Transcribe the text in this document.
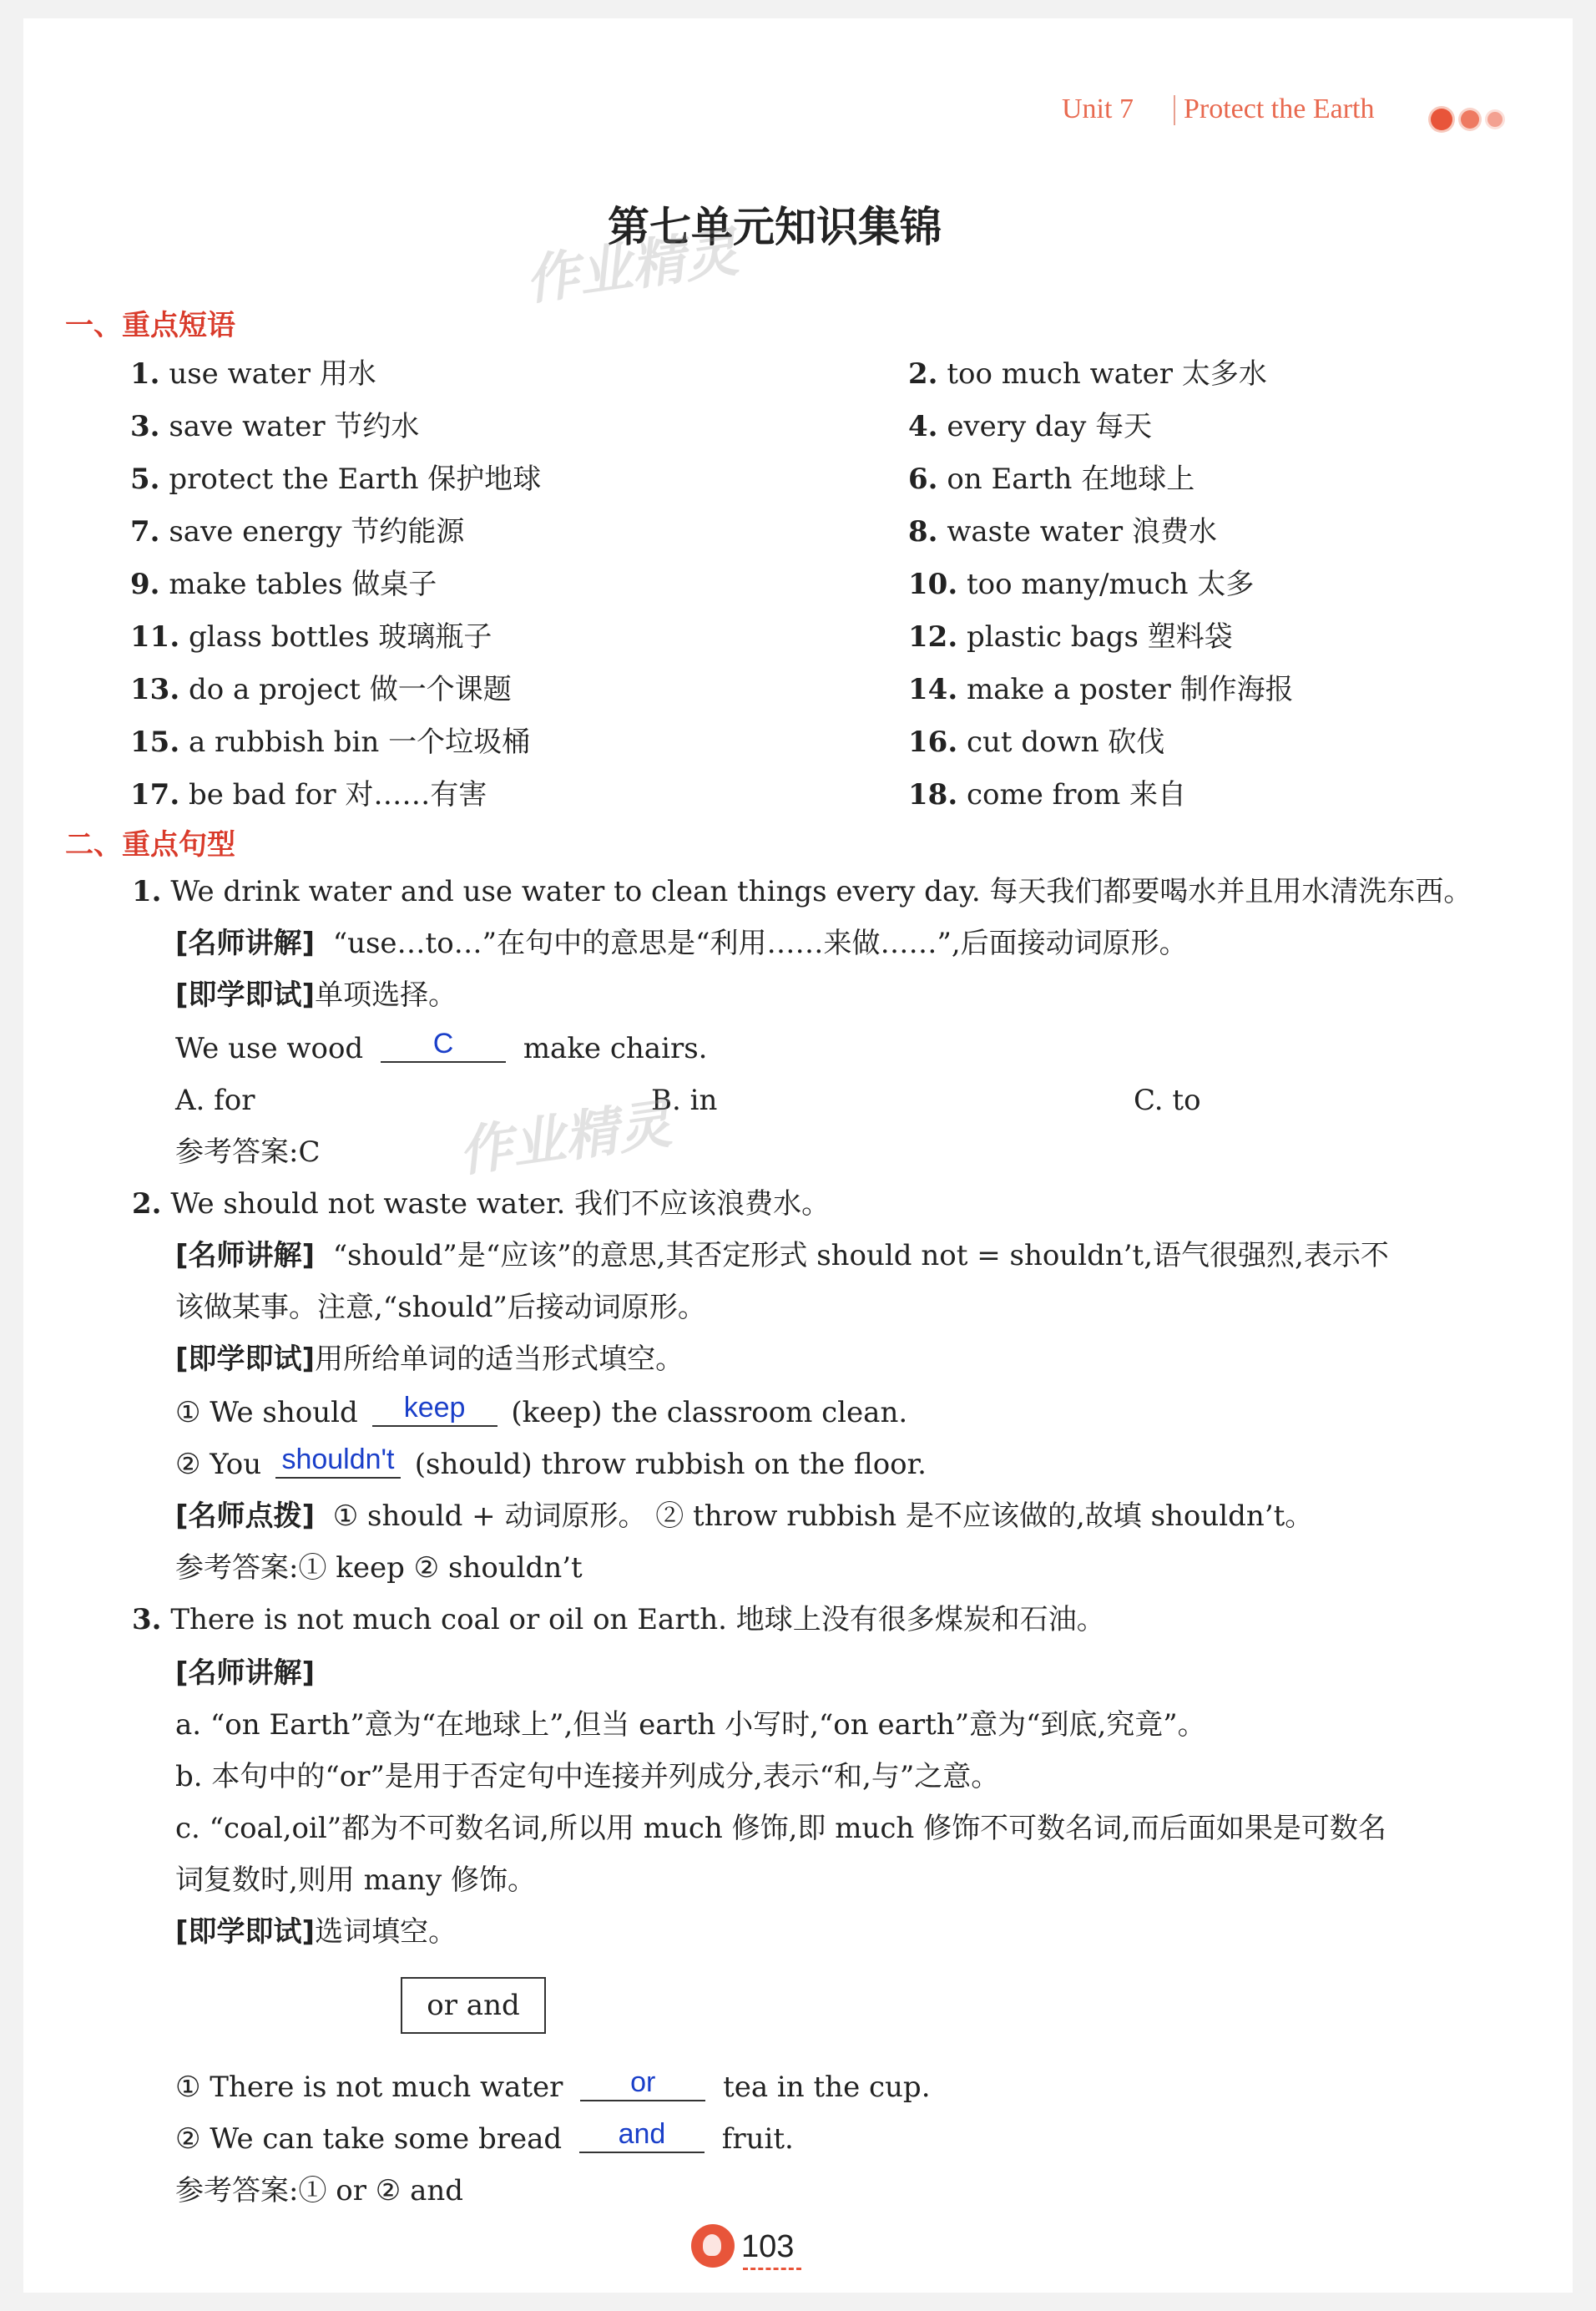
Unit 7 Protect the Earth
第七单元知识集锦
作业精灵
一、重点短语
1. use water 用水	2. too much water 太多水
3. save water 节约水	4. every day 每天
5. protect the Earth 保护地球	6. on Earth 在地球上
7. save energy 节约能源	8. waste water 浪费水
9. make tables 做桌子	10. too many/much 太多
11. glass bottles 玻璃瓶子	12. plastic bags 塑料袋
13. do a project 做一个课题	14. make a poster 制作海报
15. a rubbish bin 一个垃圾桶	16. cut down 砍伐
17. be bad for 对……有害	18. come from 来自
二、重点句型
1. We drink water and use water to clean things every day. 每天我们都要喝水并且用水清洗东西。
[名师讲解] “use…to…”在句中的意思是“利用……来做……”,后面接动词原形。
[即学即试]单项选择。
We use wood	C	make chairs.
A. for	B. in	C. to
作业精灵
参考答案:C
2. We should not waste water. 我们不应该浪费水。
[名师讲解] “should”是“应该”的意思,其否定形式 should not = shouldn’t,语气很强烈,表示不
该做某事。注意,“should”后接动词原形。
[即学即试]用所给单词的适当形式填空。
① We should	keep	(keep) the classroom clean.
② You shouldn't (should) throw rubbish on the floor.
[名师点拨] ① should + 动词原形。 ② throw rubbish 是不应该做的,故填 shouldn’t。
参考答案:① keep ② shouldn’t
3. There is not much coal or oil on Earth. 地球上没有很多煤炭和石油。
[名师讲解]
a. “on Earth”意为“在地球上”,但当 earth 小写时,“on earth”意为“到底,究竟”。
b. 本句中的“or”是用于否定句中连接并列成分,表示“和,与”之意。
c. “coal,oil”都为不可数名词,所以用 much 修饰,即 much 修饰不可数名词,而后面如果是可数名
词复数时,则用 many 修饰。
[即学即试]选词填空。
or and
① There is not much water	or	tea in the cup.
② We can take some bread	and	fruit.
参考答案:① or ② and
103
